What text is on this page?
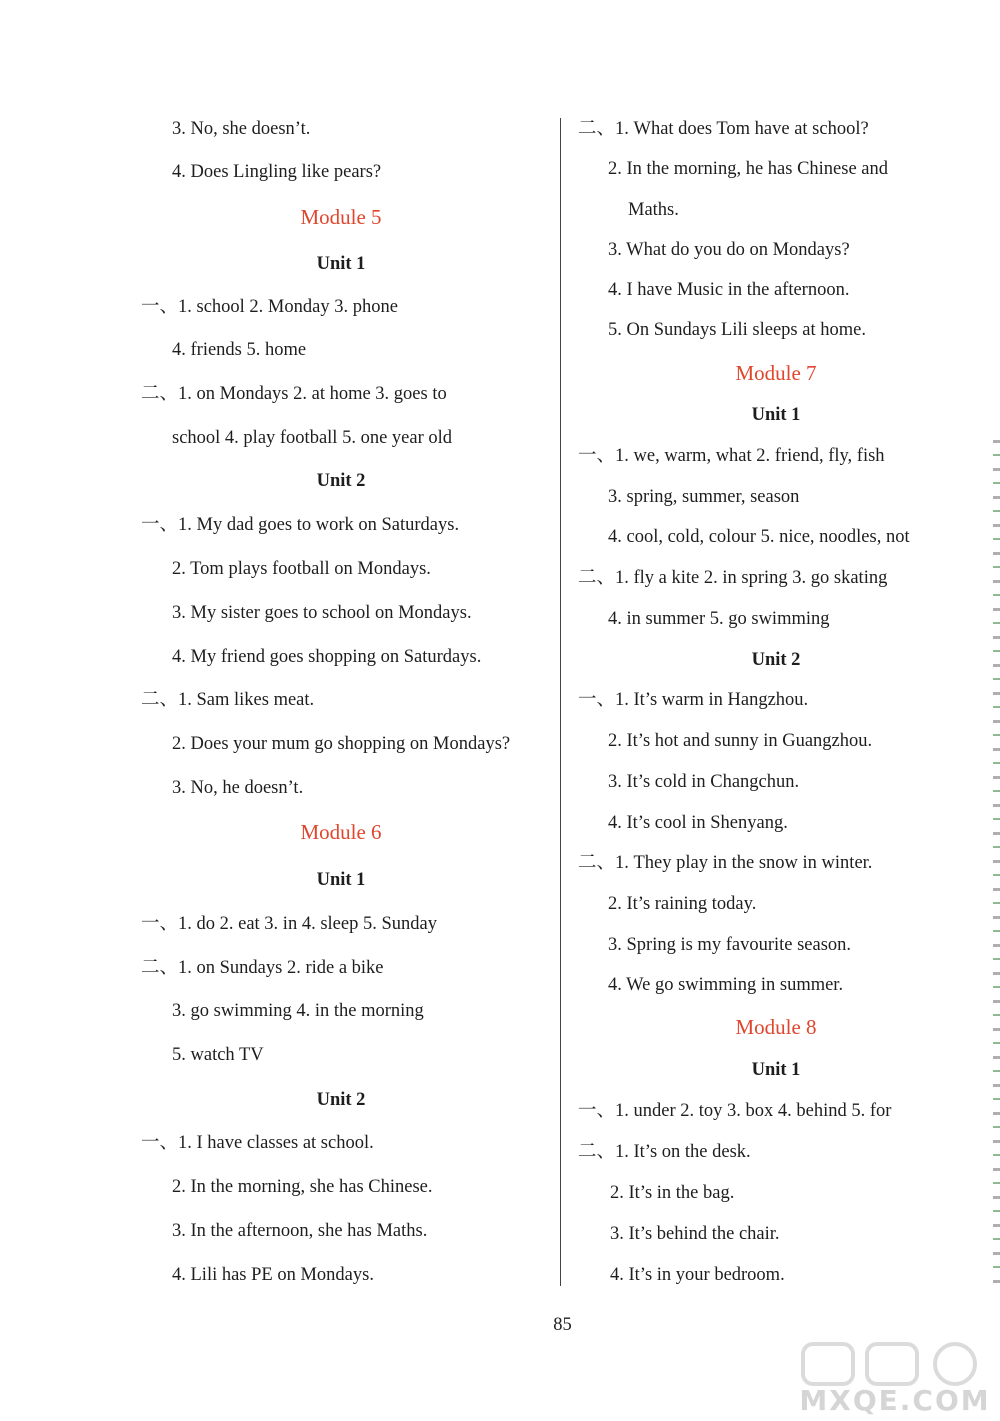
3. No, she doesn’t.
4. Does Lingling like pears?
Module 5
Unit 1
一、1. school 2. Monday 3. phone
4. friends 5. home
二、1. on Mondays 2. at home 3. goes to
school 4. play football 5. one year old
Unit 2
一、1. My dad goes to work on Saturdays.
2. Tom plays football on Mondays.
3. My sister goes to school on Mondays.
4. My friend goes shopping on Saturdays.
二、1. Sam likes meat.
2. Does your mum go shopping on Mondays?
3. No, he doesn’t.
Module 6
Unit 1
一、1. do 2. eat 3. in 4. sleep 5. Sunday
二、1. on Sundays 2. ride a bike
3. go swimming 4. in the morning
5. watch TV
Unit 2
一、1. I have classes at school.
2. In the morning, she has Chinese.
3. In the afternoon, she has Maths.
4. Lili has PE on Mondays.
二、1. What does Tom have at school?
2. In the morning, he has Chinese and
Maths.
3. What do you do on Mondays?
4. I have Music in the afternoon.
5. On Sundays Lili sleeps at home.
Module 7
Unit 1
一、1. we, warm, what 2. friend, fly, fish
3. spring, summer, season
4. cool, cold, colour 5. nice, noodles, not
二、1. fly a kite 2. in spring 3. go skating
4. in summer 5. go swimming
Unit 2
一、1. It’s warm in Hangzhou.
2. It’s hot and sunny in Guangzhou.
3. It’s cold in Changchun.
4. It’s cool in Shenyang.
二、1. They play in the snow in winter.
2. It’s raining today.
3. Spring is my favourite season.
4. We go swimming in summer.
Module 8
Unit 1
一、1. under 2. toy 3. box 4. behind 5. for
二、1. It’s on the desk.
2. It’s in the bag.
3. It’s behind the chair.
4. It’s in your bedroom.
85
MXQE.COM
